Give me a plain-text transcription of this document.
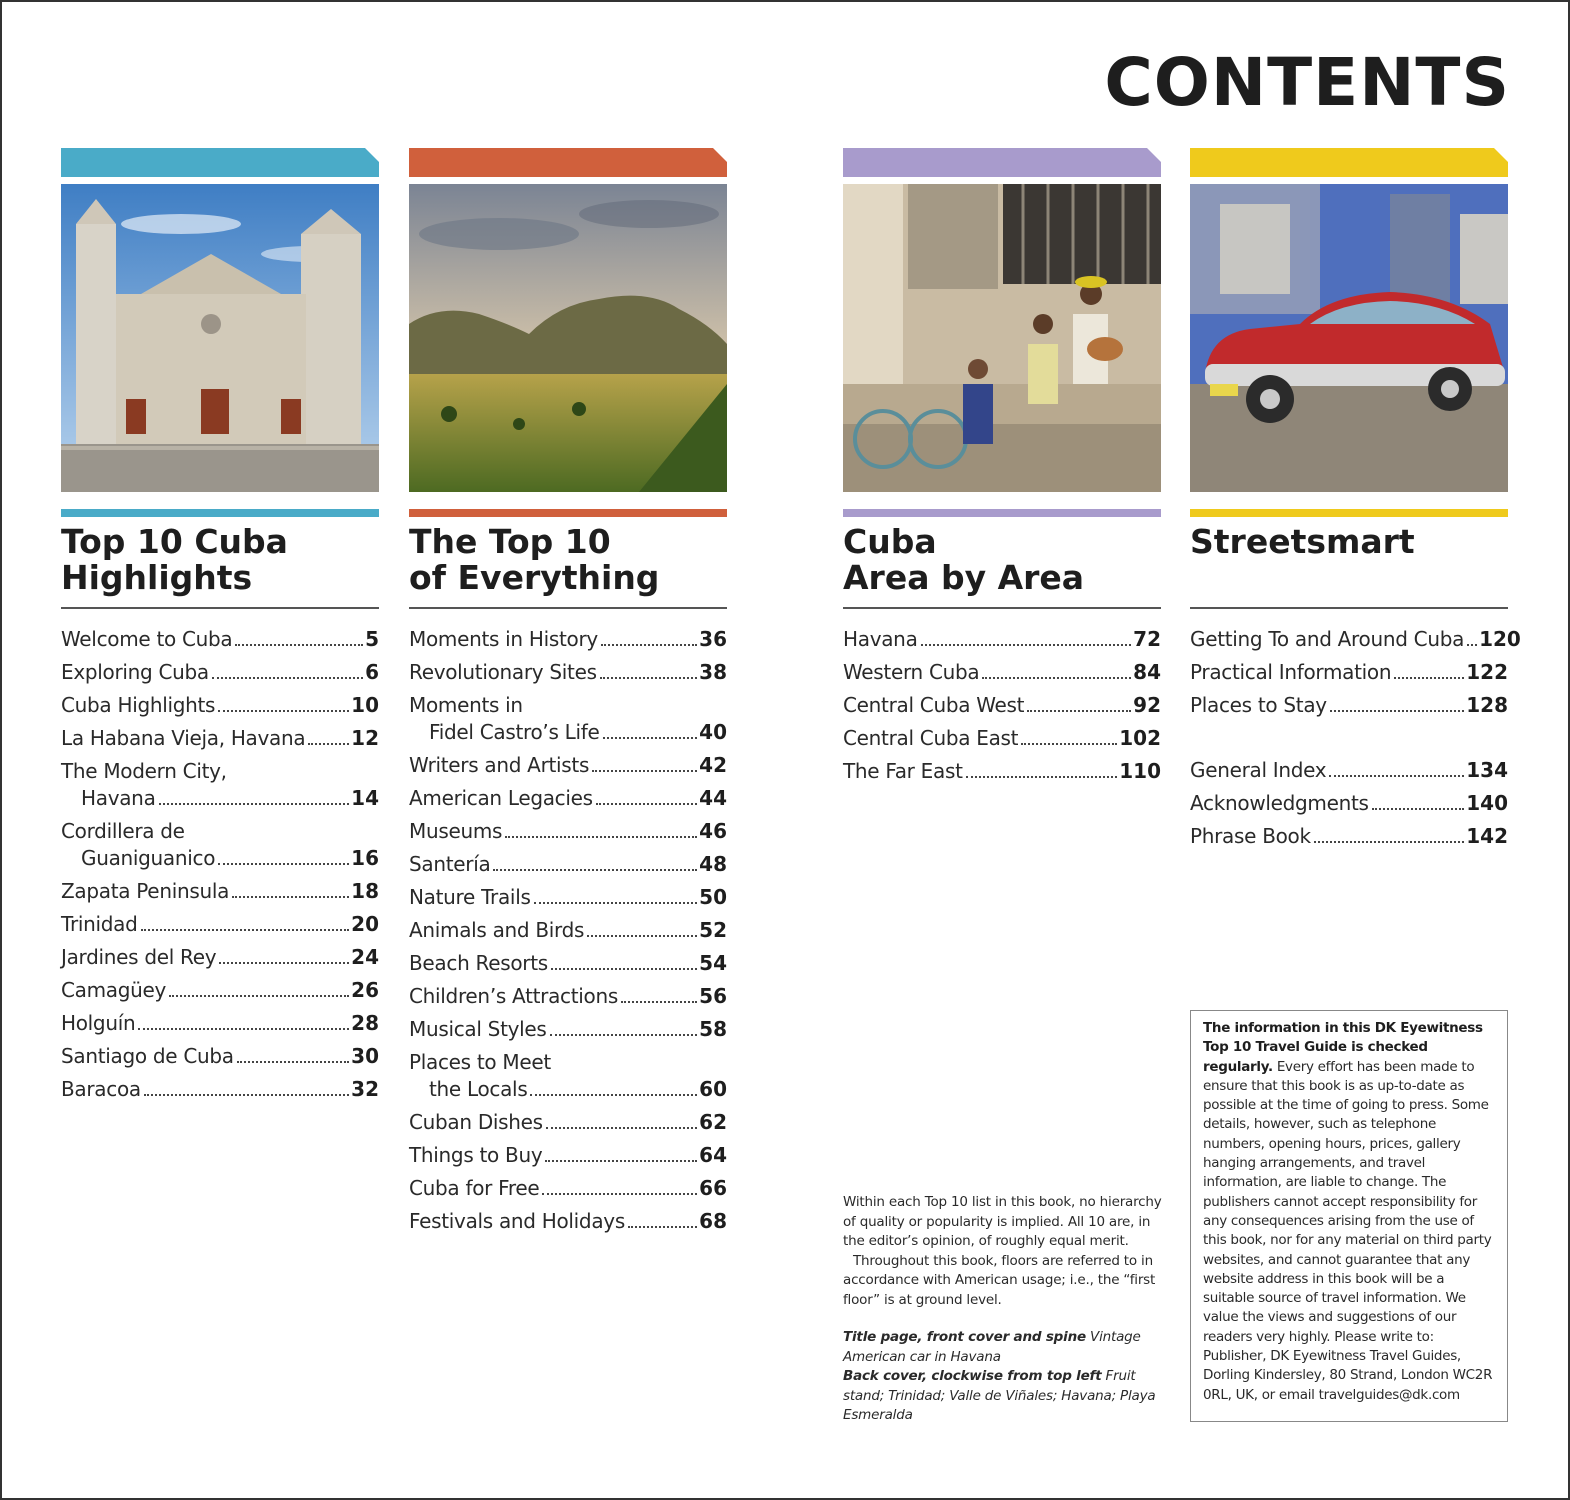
CONTENTS
Top 10 Cuba
Highlights
Welcome to Cuba	5
Exploring Cuba	6
Cuba Highlights	10
La Habana Vieja, Havana 12
The Modern City,
Havana	14
Cordillera de
Guaniguanico	16
Zapata Peninsula	18
Trinidad	20
Jardines del Rey	24
Camagüey	26
Holguín	28
Santiago de Cuba	30
Baracoa	32
The Top 10
of Everything
Moments in History	36
Revolutionary Sites	38
Moments in
Fidel Castro’s Life	40
Writers and Artists	42
American Legacies	44
Museums	46
Santería	48
Nature Trails	50
Animals and Birds	52
Beach Resorts	54
Children’s Attractions	56
Musical Styles	58
Places to Meet
the Locals	60
Cuban Dishes	62
Things to Buy	64
Cuba for Free	66
Festivals and Holidays	68
Cuba
Area by Area
Havana	72
Western Cuba	84
Central Cuba West	92
Central Cuba East	102
The Far East	110
Streetsmart
Getting To and Around Cuba 120
Practical Information	122
Places to Stay	128
General Index	134
Acknowledgments	140
Phrase Book	142

Within each Top 10 list in this book, no hierarchy of quality or popularity is implied. All 10 are, in the editor’s opinion, of roughly equal merit.

Throughout this book, floors are referred to in accordance with American usage; i.e., the “first floor” is at ground level.

Title page, front cover and spine Vintage American car in Havana
Back cover, clockwise from top left Fruit stand; Trinidad; Valle de Viñales; Havana; Playa Esmeralda
The information in this DK Eyewitness Top 10 Travel Guide is checked regularly. Every effort has been made to ensure that this book is as up-to-date as possible at the time of going to press. Some details, however, such as telephone numbers, opening hours, prices, gallery hanging arrangements, and travel information, are liable to change. The publishers cannot accept responsibility for any consequences arising from the use of this book, nor for any material on third party websites, and cannot guarantee that any website address in this book will be a suitable source of travel information. We value the views and suggestions of our readers very highly. Please write to: Publisher, DK Eyewitness Travel Guides, Dorling Kindersley, 80 Strand, London WC2R 0RL, UK, or email travelguides@dk.com
